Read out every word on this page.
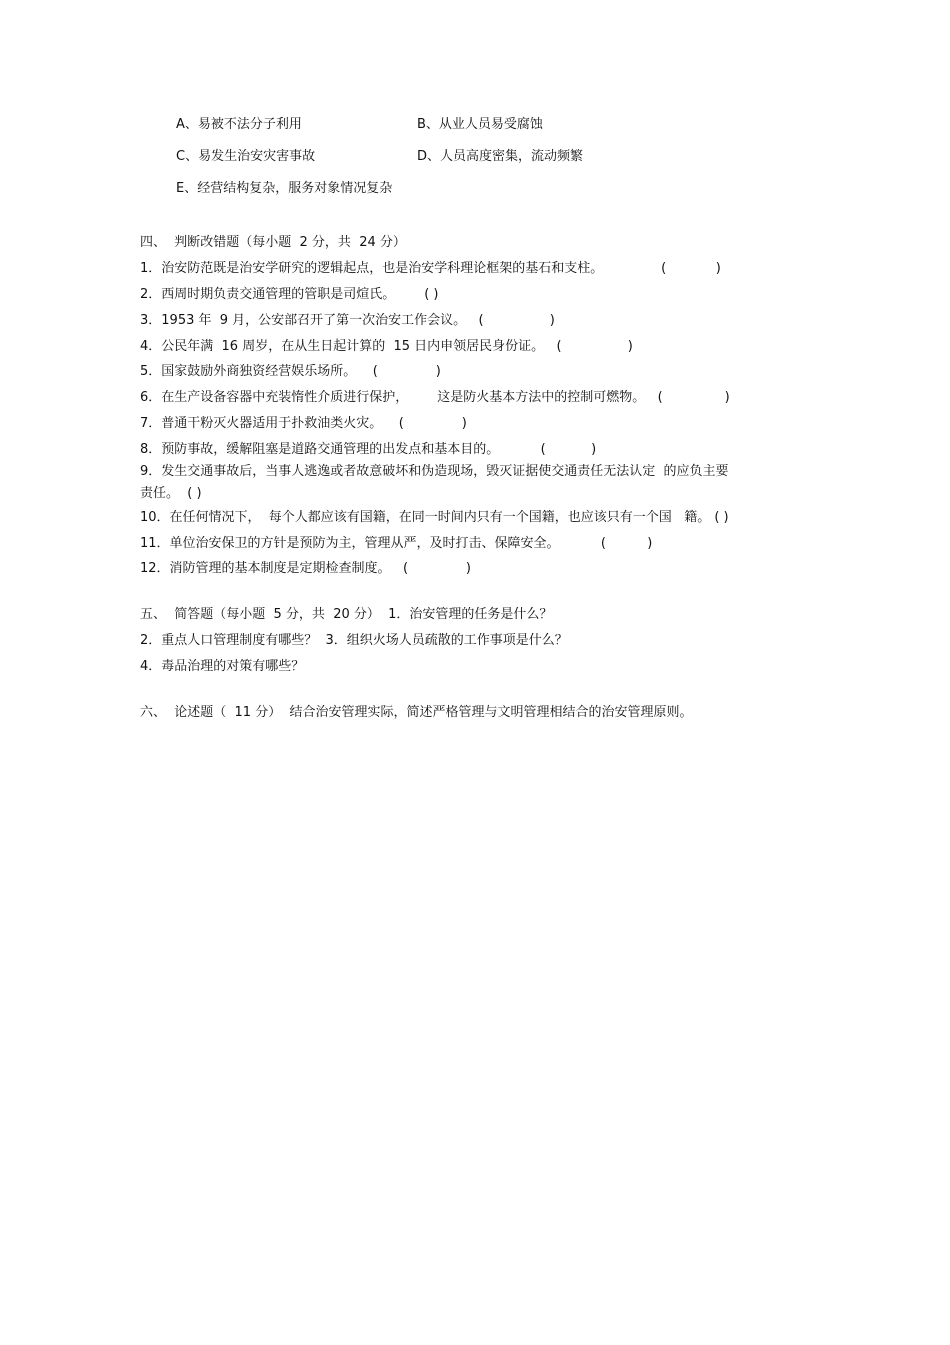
A、易被不法分子利用	B、从业人员易受腐蚀
C、易发生治安灾害事故	D、人员高度密集，流动频繁
E、经营结构复杂，服务对象情况复杂
四、  判断改错题（每小题  2 分，共  24 分）
1．治安防范既是治安学研究的逻辑起点，也是治安学科理论框架的基石和支柱。              (            )
2．西周时期负责交通管理的管职是司煊氏。       ( )
3．1953 年  9 月，公安部召开了第一次治安工作会议。   (                )
4．公民年满  16 周岁，在从生日起计算的  15 日内申领居民身份证。   (                )
5．国家鼓励外商独资经营娱乐场所。    (              )
6．在生产设备容器中充装惰性介质进行保护，       这是防火基本方法中的控制可燃物。   (               )
7．普通干粉灭火器适用于扑救油类火灾。    (              )
8．预防事故，缓解阻塞是道路交通管理的出发点和基本目的。          (           )
9．发生交通事故后，当事人逃逸或者故意破坏和伪造现场，毁灭证据使交通责任无法认定  的应负主要
责任。  ( )
10．在任何情况下，  每个人都应该有国籍，在同一时间内只有一个国籍，也应该只有一个国   籍。 ( )
11．单位治安保卫的方针是预防为主，管理从严，及时打击、保障安全。          (          )
12．消防管理的基本制度是定期检查制度。   (              )
五、  简答题（每小题  5 分，共  20 分）  1．治安管理的任务是什么？
2．重点人口管理制度有哪些？  3．组织火场人员疏散的工作事项是什么？
4．毒品治理的对策有哪些？
六、  论述题（  11 分）  结合治安管理实际，简述严格管理与文明管理相结合的治安管理原则。
